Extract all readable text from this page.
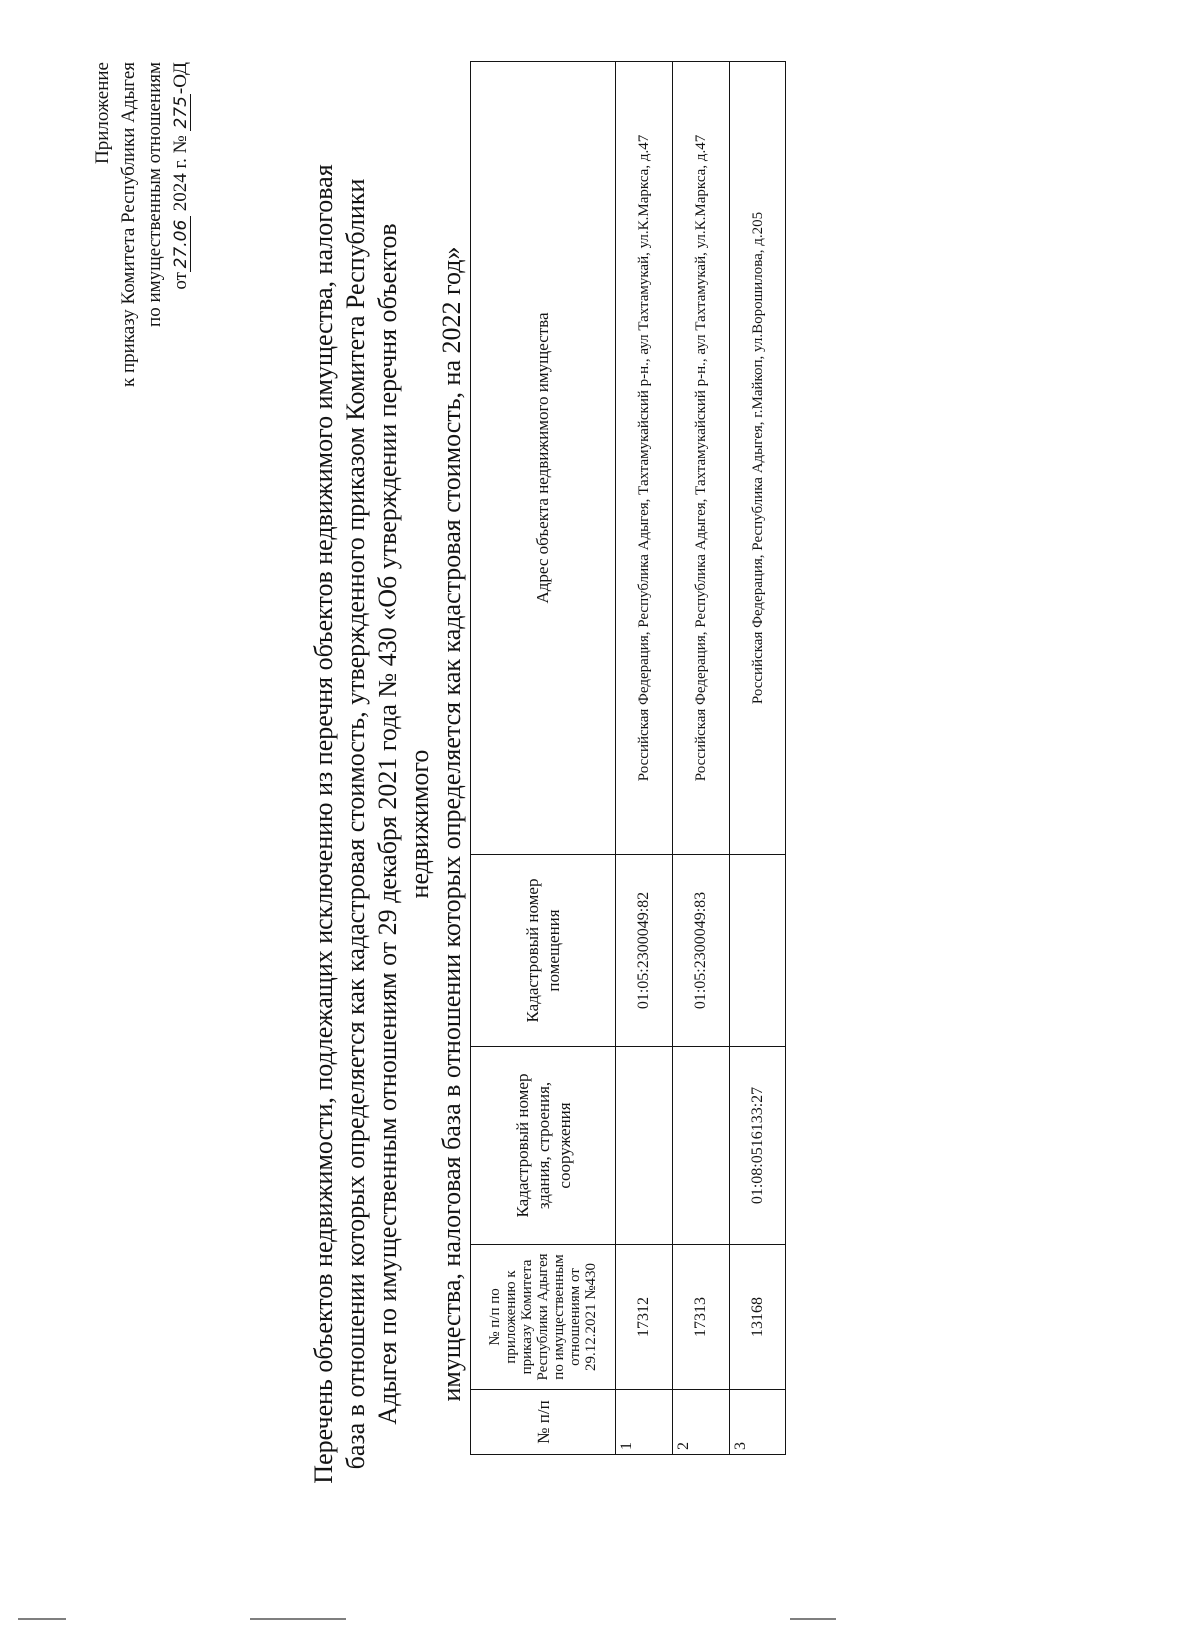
Приложение к приказу Комитета Республики Адыгея по имущественным отношениям от27.06 2024 г. № 275-ОД
Перечень объектов недвижимости, подлежащих исключению из перечня объектов недвижимого имущества, налоговая база в отношении которых определяется как кадастровая стоимость, утвержденного приказом Комитета Республики Адыгея по имущественным отношениям от 29 декабря 2021 года № 430 «Об утверждении перечня объектов недвижимого имущества, налоговая база в отношении которых определяется как кадастровая стоимость, на 2022 год»
№ п/п	№ п/п по приложению к приказу Комитета Республики Адыгея по имущественным отношениям от 29.12.2021 №430	Кадастровый номер здания, строения, сооружения	Кадастровый номер помещения	Адрес объекта недвижимого имущества
1	17312		01:05:2300049:82	Российская Федерация, Республика Адыгея, Тахтамукайский р-н., аул Тахтамукай, ул.К.Маркса, д.47
2	17313		01:05:2300049:83	Российская Федерация, Республика Адыгея, Тахтамукайский р-н., аул Тахтамукай, ул.К.Маркса, д.47
3	13168	01:08:0516133:27		Российская Федерация, Республика Адыгея, г.Майкоп, ул.Ворошилова, д.205
